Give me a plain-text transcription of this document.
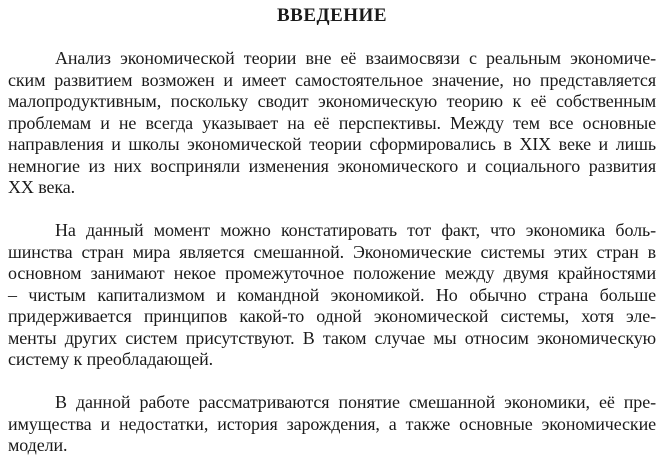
ВВЕДЕНИЕ
Анализ экономической теории вне её взаимосвязи с реальным экономиче-
ским развитием возможен и имеет самостоятельное значение, но представляется
малопродуктивным, поскольку сводит экономическую теорию к её собственным
проблемам и не всегда указывает на её перспективы. Между тем все основные
направления и школы экономической теории сформировались в XIX веке и лишь
немногие из них восприняли изменения экономического и социального развития
XX века.
На данный момент можно констатировать тот факт, что экономика боль-
шинства стран мира является смешанной. Экономические системы этих стран в
основном занимают некое промежуточное положение между двумя крайностями
– чистым капитализмом и командной экономикой. Но обычно страна больше
придерживается принципов какой-то одной экономической системы, хотя эле-
менты других систем присутствуют. В таком случае мы относим экономическую
систему к преобладающей.
В данной работе рассматриваются понятие смешанной экономики, её пре-
имущества и недостатки, история зарождения, а также основные экономические
модели.
